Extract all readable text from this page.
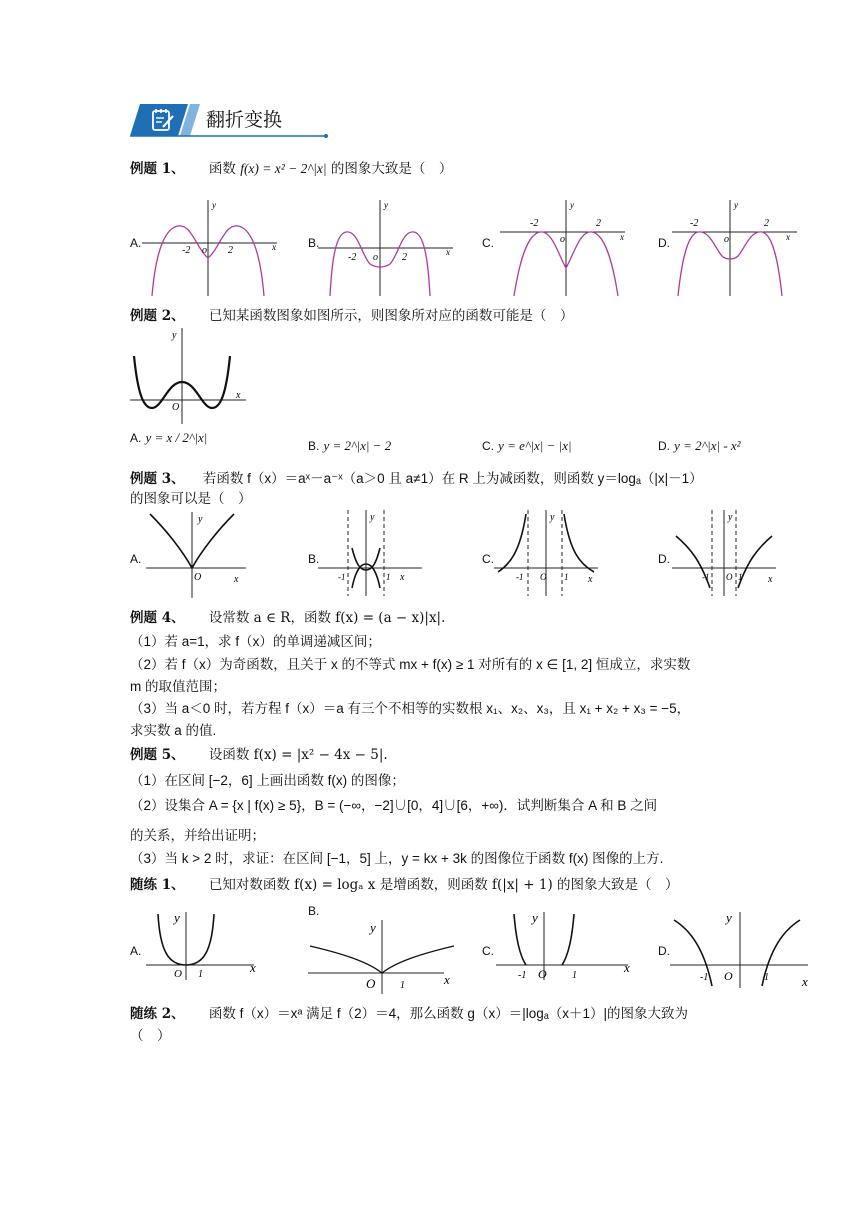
翻折变换
例题 1、 函数 f(x) = x² − 2^|x| 的图象大致是（　）
A.
-2	2
o	x
y
B.
-2	2
o	x
y
C.
-2	2
o	x
y
D.
-2	2
o	x
y
例题 2、 已知某函数图象如图所示，则图象所对应的函数可能是（　）
O
x
y
A. y = x / 2^|x|
B. y = 2^|x| − 2	C. y = e^|x| − |x|	D. y = 2^|x| - x²
例题 3、 若函数 f（x）＝aˣ－a⁻ˣ（a＞0 且 a≠1）在 R 上为减函数，则函数 y＝logₐ（|x|－1）
的图象可以是（　）
A.
O	x
y
B.
-1	1 x
y
C.
-1 O 1 x
y
D.
-1 O 1	x
y
例题 4、 设常数 a ∈ R，函数 f(x) = (a − x)|x|.
（1）若 a=1，求 f（x）的单调递减区间；
（2）若 f（x）为奇函数，且关于 x 的不等式 mx + f(x) ≥ 1 对所有的 x ∈ [1, 2] 恒成立，求实数
m 的取值范围；
（3）当 a＜0 时，若方程 f（x）＝a 有三个不相等的实数根 x₁、x₂、x₃，且 x₁ + x₂ + x₃ = −5，
求实数 a 的值.
例题 5、 设函数 f(x) = |x² − 4x − 5|.
（1）在区间 [−2，6] 上画出函数 f(x) 的图像；
（2）设集合 A = {x | f(x) ≥ 5}，B = (−∞，−2]∪[0，4]∪[6，+∞)．试判断集合 A 和 B 之间
的关系，并给出证明；
（3）当 k > 2 时，求证：在区间 [−1，5] 上，y = kx + 3k 的图像位于函数 f(x) 图像的上方.
随练 1、 已知对数函数 f(x) = logₐ x 是增函数，则函数 f(|x| + 1) 的图象大致是（　）
A.
O 1	x
y	B.
O 1	x
y
C.
-1 O	1
x
y
D.
-1 O	1	x
y
随练 2、 函数 f（x）＝xᵃ 满足 f（2）＝4，那么函数 g（x）＝|logₐ（x＋1）|的图象大致为
（　）
